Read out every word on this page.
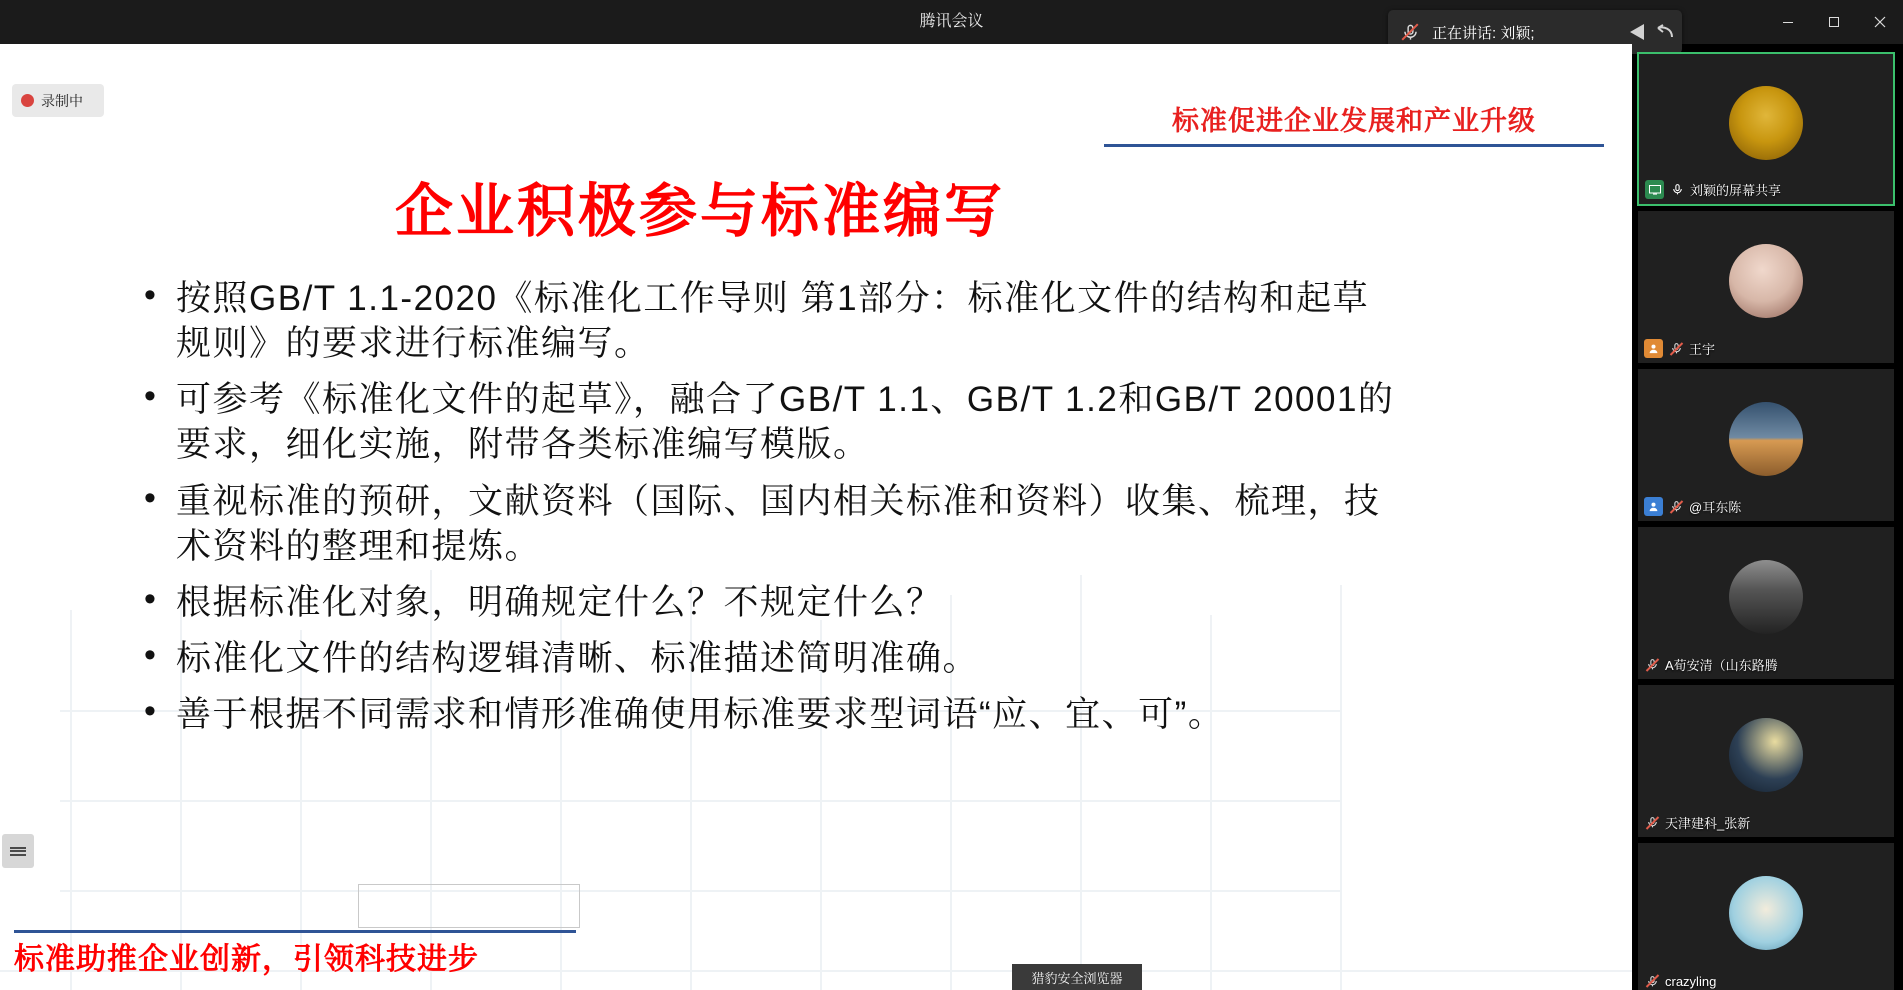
腾讯会议
正在讲话: 刘颖;
录制中
标准促进企业发展和产业升级
企业积极参与标准编写
• 按照GB/T 1.1-2020《标准化工作导则 第1部分：标准化文件的结构和起草规则》的要求进行标准编写。
• 可参考《标准化文件的起草》，融合了GB/T 1.1、GB/T 1.2和GB/T 20001的要求，细化实施，附带各类标准编写模版。
• 重视标准的预研，文献资料（国际、国内相关标准和资料）收集、梳理，技术资料的整理和提炼。
• 根据标准化对象，明确规定什么？不规定什么？
• 标准化文件的结构逻辑清晰、标准描述简明准确。
• 善于根据不同需求和情形准确使用标准要求型词语“应、宜、可”。
标准助推企业创新，引领科技进步
猎豹安全浏览器
刘颖的屏幕共享
王宇
@耳东陈
A荀安清（山东路腾
天津建科_张新
crazyling
